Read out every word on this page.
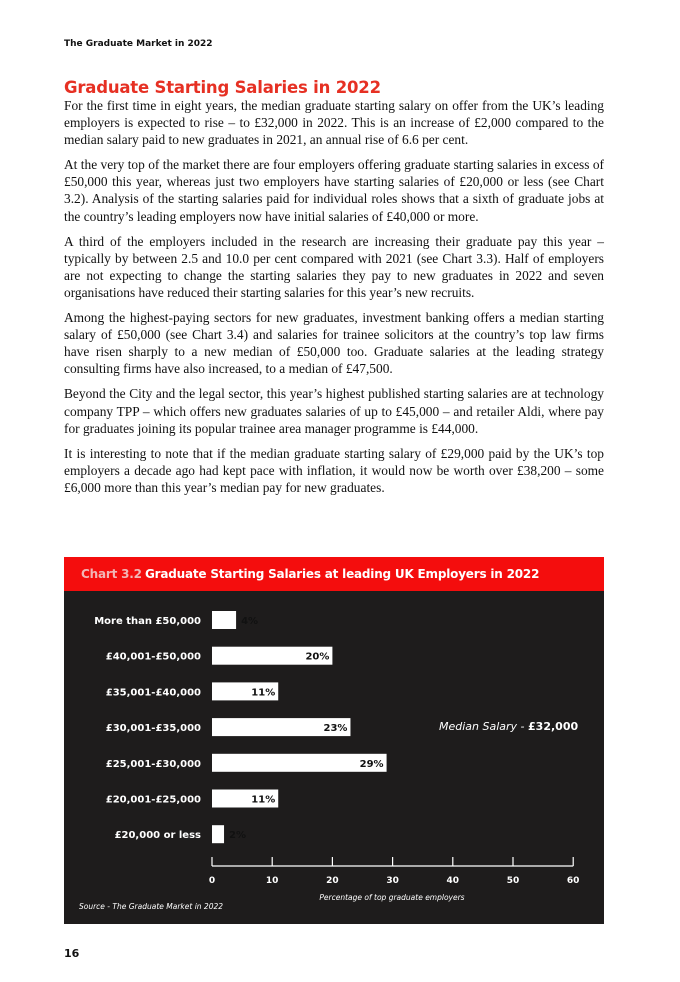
The Graduate Market in 2022
Graduate Starting Salaries in 2022

For the first time in eight years, the median graduate starting salary on offer from the UK’s leading employers is expected to rise – to £32,000 in 2022. This is an increase of £2,000 compared to the median salary paid to new graduates in 2021, an annual rise of 6.6 per cent.

At the very top of the market there are four employers offering graduate starting salaries in excess of £50,000 this year, whereas just two employers have starting salaries of £20,000 or less (see Chart 3.2). Analysis of the starting salaries paid for individual roles shows that a sixth of graduate jobs at the country’s leading employers now have initial salaries of £40,000 or more.

A third of the employers included in the research are increasing their graduate pay this year – typically by between 2.5 and 10.0 per cent compared with 2021 (see Chart 3.3). Half of employers are not expecting to change the starting salaries they pay to new graduates in 2022 and seven organisations have reduced their starting salaries for this year’s new recruits.

Among the highest-paying sectors for new graduates, investment banking offers a median starting salary of £50,000 (see Chart 3.4) and salaries for trainee solicitors at the country’s top law firms have risen sharply to a new median of £50,000 too. Graduate salaries at the leading strategy consulting firms have also increased, to a median of £47,500.

Beyond the City and the legal sector, this year’s highest published starting salaries are at technology company TPP – which offers new graduates salaries of up to £45,000 – and retailer Aldi, where pay for graduates joining its popular trainee area manager programme is £44,000.

It is interesting to note that if the median graduate starting salary of £29,000 paid by the UK’s top employers a decade ago had kept pace with inflation, it would now be worth over £38,200 – some £6,000 more than this year’s median pay for new graduates.

Chart 3.2 Graduate Starting Salaries at leading UK Employers in 2022
More than £50,000	4%
£40,001-£50,000	20%
£35,001-£40,000	11%
£30,001-£35,000	23%
£25,001-£30,000	29%
£20,001-£25,000	11%
£20,000 or less	2%
0	10	20	30	40	50	60
Median Salary - £32,000
Percentage of top graduate employers
Source - The Graduate Market in 2022
16
